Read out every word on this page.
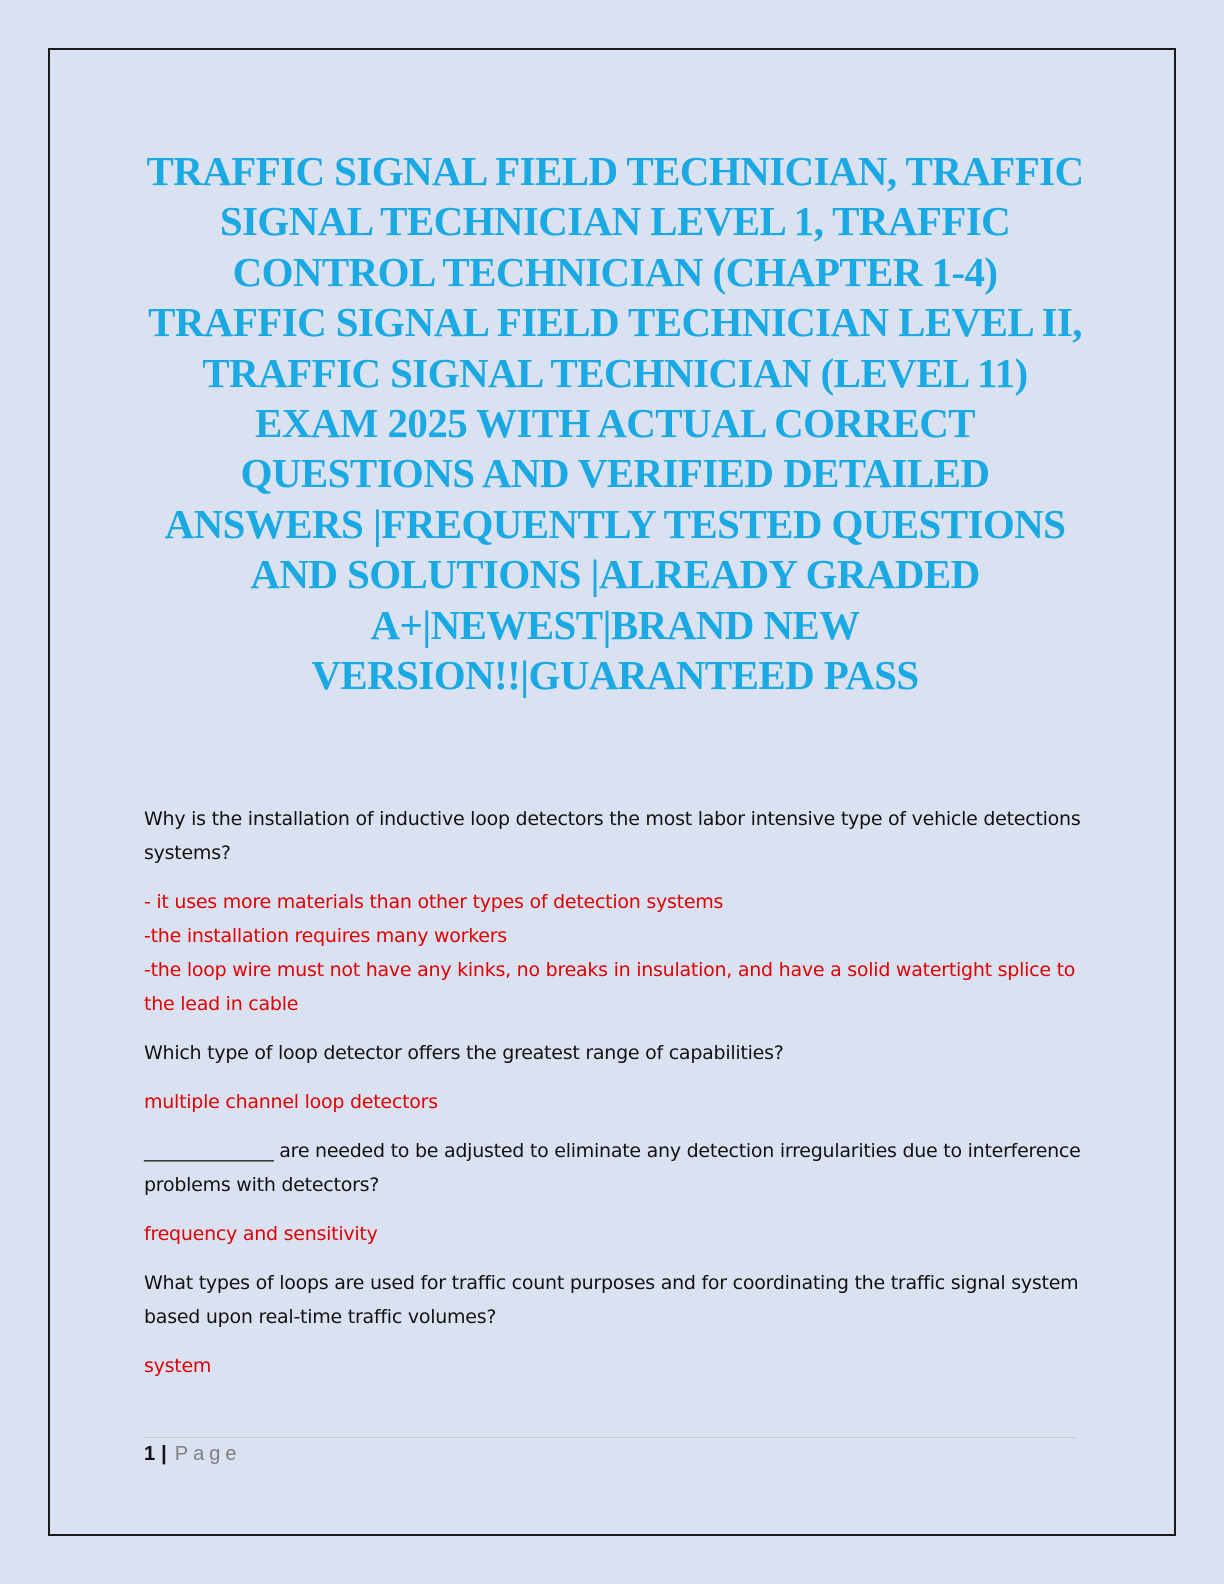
TRAFFIC SIGNAL FIELD TECHNICIAN, TRAFFIC SIGNAL TECHNICIAN LEVEL 1, TRAFFIC CONTROL TECHNICIAN (CHAPTER 1-4) TRAFFIC SIGNAL FIELD TECHNICIAN LEVEL II, TRAFFIC SIGNAL TECHNICIAN (LEVEL 11) EXAM 2025 WITH ACTUAL CORRECT QUESTIONS AND VERIFIED DETAILED ANSWERS |FREQUENTLY TESTED QUESTIONS AND SOLUTIONS |ALREADY GRADED A+|NEWEST|BRAND NEW VERSION!!|GUARANTEED PASS

Why is the installation of inductive loop detectors the most labor intensive type of vehicle detections systems?

- it uses more materials than other types of detection systems
-the installation requires many workers
-the loop wire must not have any kinks, no breaks in insulation, and have a solid watertight splice to the lead in cable

Which type of loop detector offers the greatest range of capabilities?

multiple channel loop detectors

______________ are needed to be adjusted to eliminate any detection irregularities due to interference problems with detectors?

frequency and sensitivity

What types of loops are used for traffic count purposes and for coordinating the traffic signal system based upon real-time traffic volumes?

system

1 | Page
